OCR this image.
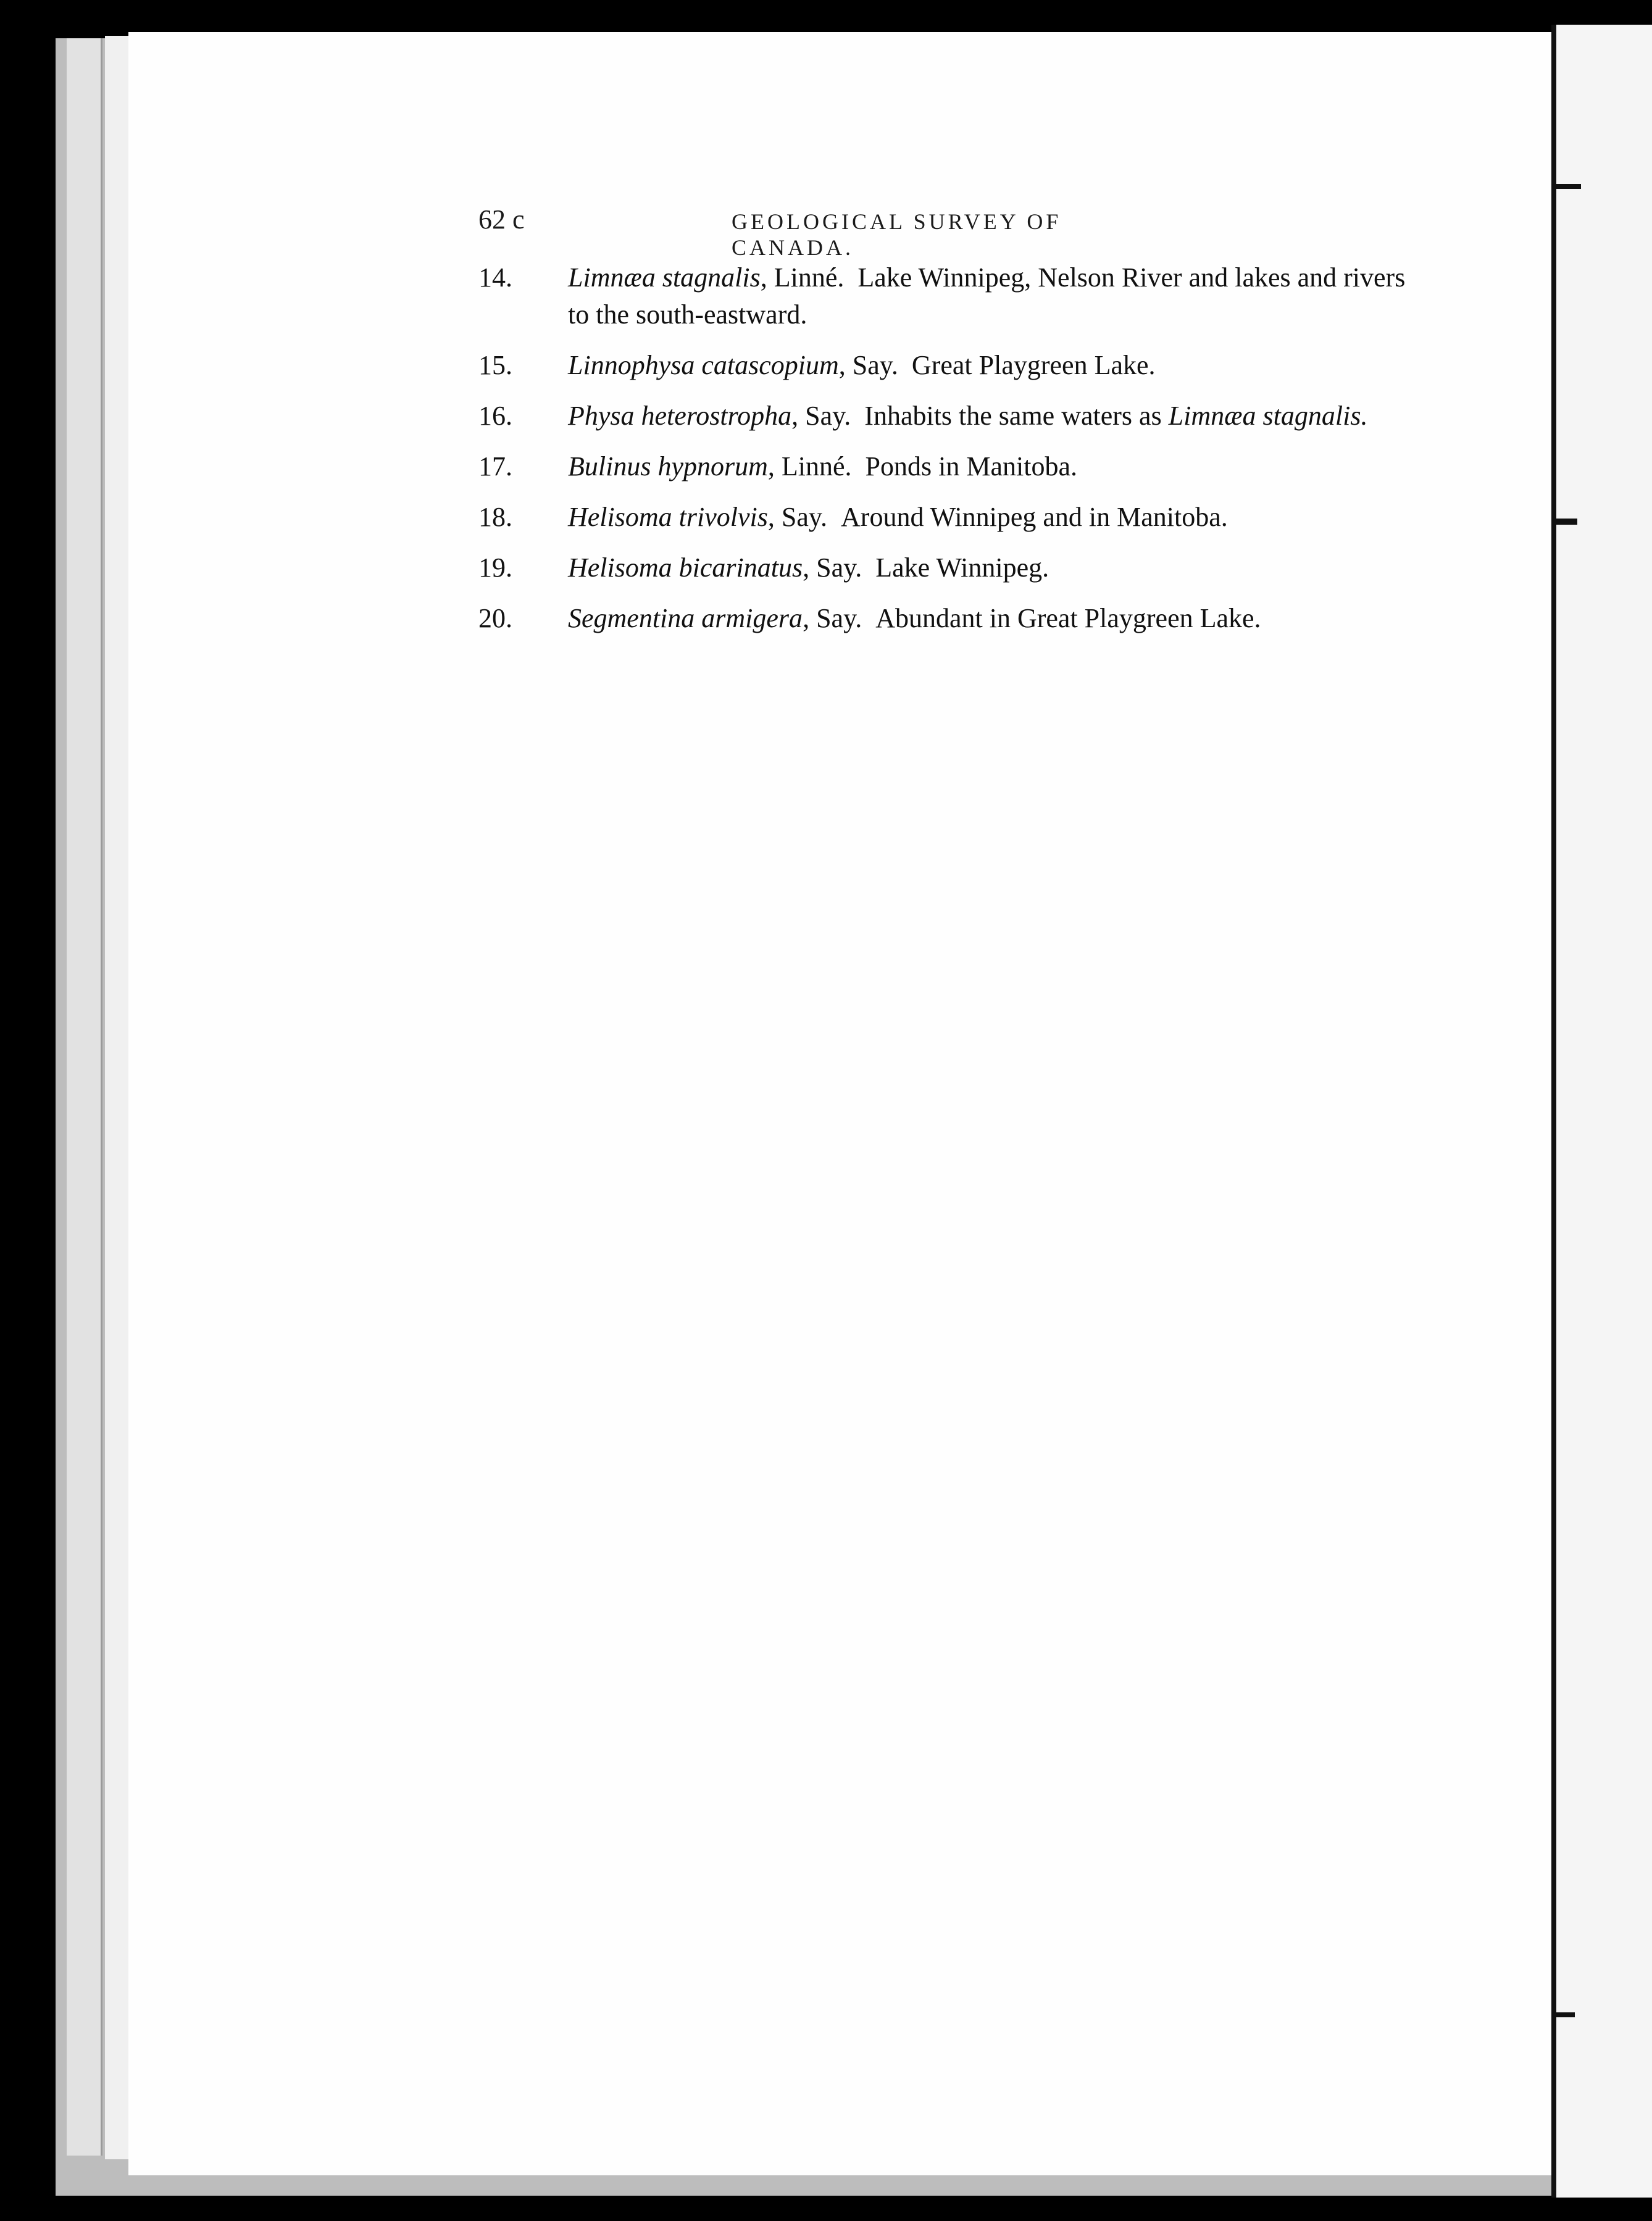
62 c	GEOLOGICAL SURVEY OF CANADA.
14. Limnæa stagnalis, Linné. Lake Winnipeg, Nelson River and lakes and rivers to the south-eastward.
15. Linnophysa catascopium, Say. Great Playgreen Lake.
16. Physa heterostropha, Say. Inhabits the same waters as Limnæa stagnalis.
17. Bulinus hypnorum, Linné. Ponds in Manitoba.
18. Helisoma trivolvis, Say. Around Winnipeg and in Manitoba.
19. Helisoma bicarinatus, Say. Lake Winnipeg.
20. Segmentina armigera, Say. Abundant in Great Playgreen Lake.
